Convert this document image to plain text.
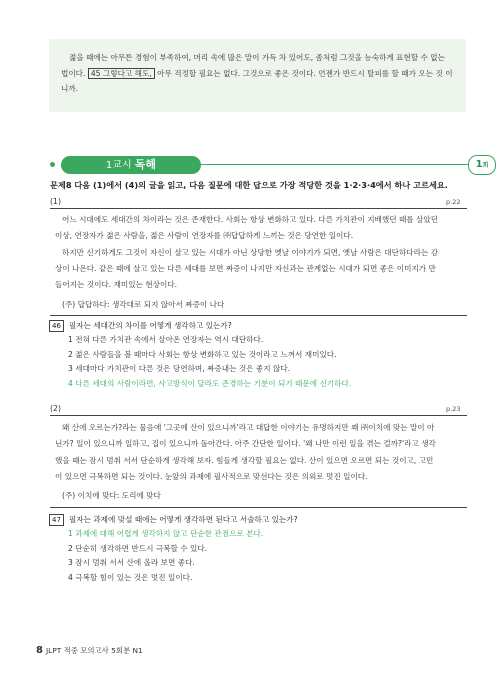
젊을 때에는 아무튼 경험이 부족하여, 머리 속에 많은 말이 가득 차 있어도, 좀처럼 그것을 능숙하게 표현할 수 없는 법이다. 45 그렇다고 해도, 아무 걱정할 필요는 없다. 그것으로 좋은 것이다. 언젠가 반드시 탈피를 할 때가 오는 것 이니까.

1교시 독해	1회
문제8 다음 (1)에서 (4)의 글을 읽고, 다음 질문에 대한 답으로 가장 적당한 것을 1·2·3·4에서 하나 고르세요.
(1)	p.22

어느 시대에도 세대간의 차이라는 것은 존재한다. 사회는 항상 변화하고 있다. 다른 가치관이 지배했던 때를 살았던

이상, 연장자가 젊은 사람을, 젊은 사람이 연장자를 ㈜답답하게 느끼는 것은 당연한 일이다.

하지만 신기하게도 그것이 자신이 살고 있는 시대가 아닌 상당한 옛날 이야기가 되면, 옛날 사람은 대단하다라는 감

상이 나온다. 같은 때에 살고 있는 다른 세대를 보면 짜증이 나지만 자신과는 관계없는 시대가 되면 좋은 이미지가 만

들어지는 것이다. 재미있는 현상이다.

(주) 답답하다: 생각대로 되지 않아서 짜증이 나다
46 필자는 세대간의 차이를 어떻게 생각하고 있는가?
1 전혀 다른 가치관 속에서 살아온 연장자는 역시 대단하다.
2 젊은 사람들을 볼 때마다 사회는 항상 변화하고 있는 것이라고 느껴서 재미있다.
3 세대마다 가치관이 다른 것은 당연하며, 짜증내는 것은 좋지 않다.
4 다른 세대의 사람이라면, 사고방식이 달라도 존경하는 기분이 되기 때문에 신기하다.
(2)	p.23

왜 산에 오르는가?라는 물음에 '그곳에 산이 있으니까'라고 대답한 이야기는 유명하지만 꽤 ㈜이치에 맞는 말이 아

닌가? 일이 있으니까 일하고, 집이 있으니까 돌아간다. 아주 간단한 일이다. '왜 나만 이런 일을 겪는 걸까?'라고 생각

했을 때는 잠시 멈춰 서서 단순하게 생각해 보자. 힘들게 생각할 필요는 없다. 산이 있으면 오르면 되는 것이고, 고민

이 있으면 극복하면 되는 것이다. 눈앞의 과제에 필사적으로 맞선다는 것은 의외로 멋진 일이다.

(주) 이치에 맞다: 도리에 맞다
47 필자는 과제에 맞설 때에는 어떻게 생각하면 된다고 서술하고 있는가?
1 과제에 대해 어렵게 생각하지 않고 단순한 관점으로 본다.
2 단순히 생각하면 반드시 극복할 수 있다.
3 잠시 멈춰 서서 산에 올라 보면 좋다.
4 극복할 힘이 있는 것은 멋진 일이다.
8 JLPT 적중 모의고사 5회분 N1
